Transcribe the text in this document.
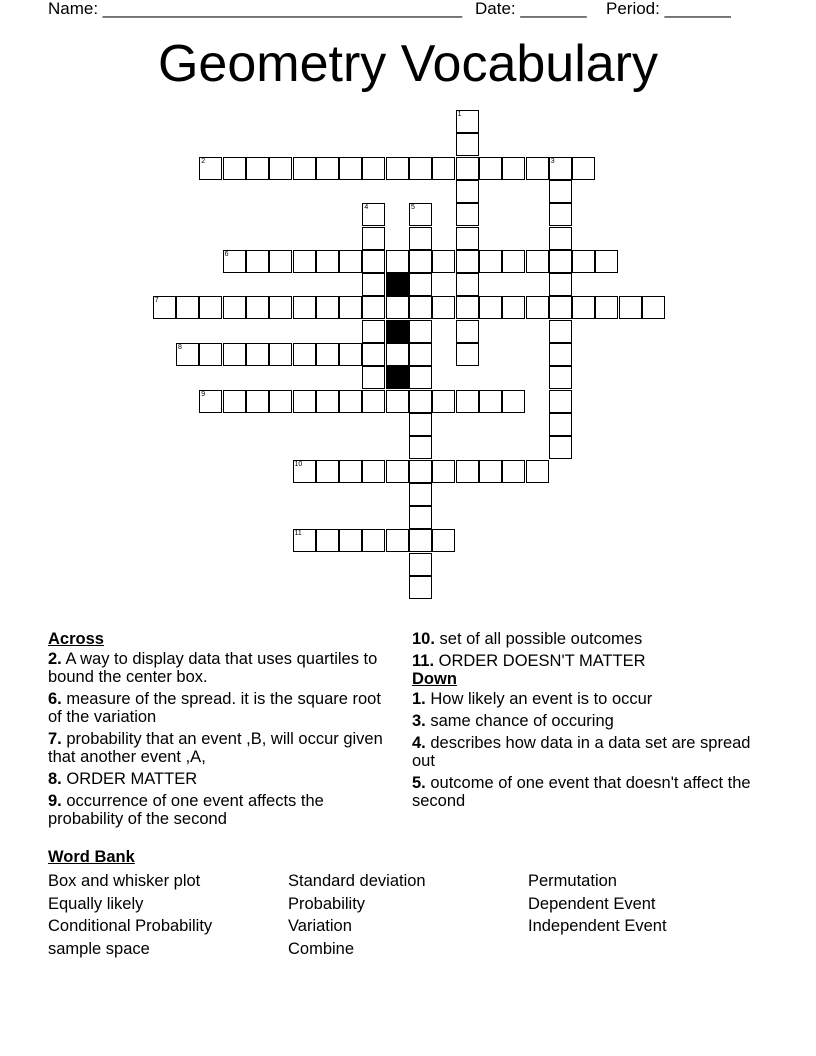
Name: ______________________________________ Date: _______ Period: _______
Geometry Vocabulary
1
2	3
4	5
6
7
8
9
10
11
Across
2. A way to display data that uses quartiles to bound the center box.
6. measure of the spread. it is the square root of the variation
7. probability that an event ,B, will occur given that another event ,A,
8. ORDER MATTER
9. occurrence of one event affects the probability of the second
10. set of all possible outcomes
11. ORDER DOESN'T MATTER
Down
1. How likely an event is to occur
3. same chance of occuring
4. describes how data in a data set are spread out
5. outcome of one event that doesn't affect the second
Word Bank
Box and whisker plot
Equally likely
Conditional Probability
sample space
Standard deviation
Probability
Variation
Combine
Permutation
Dependent Event
Independent Event
